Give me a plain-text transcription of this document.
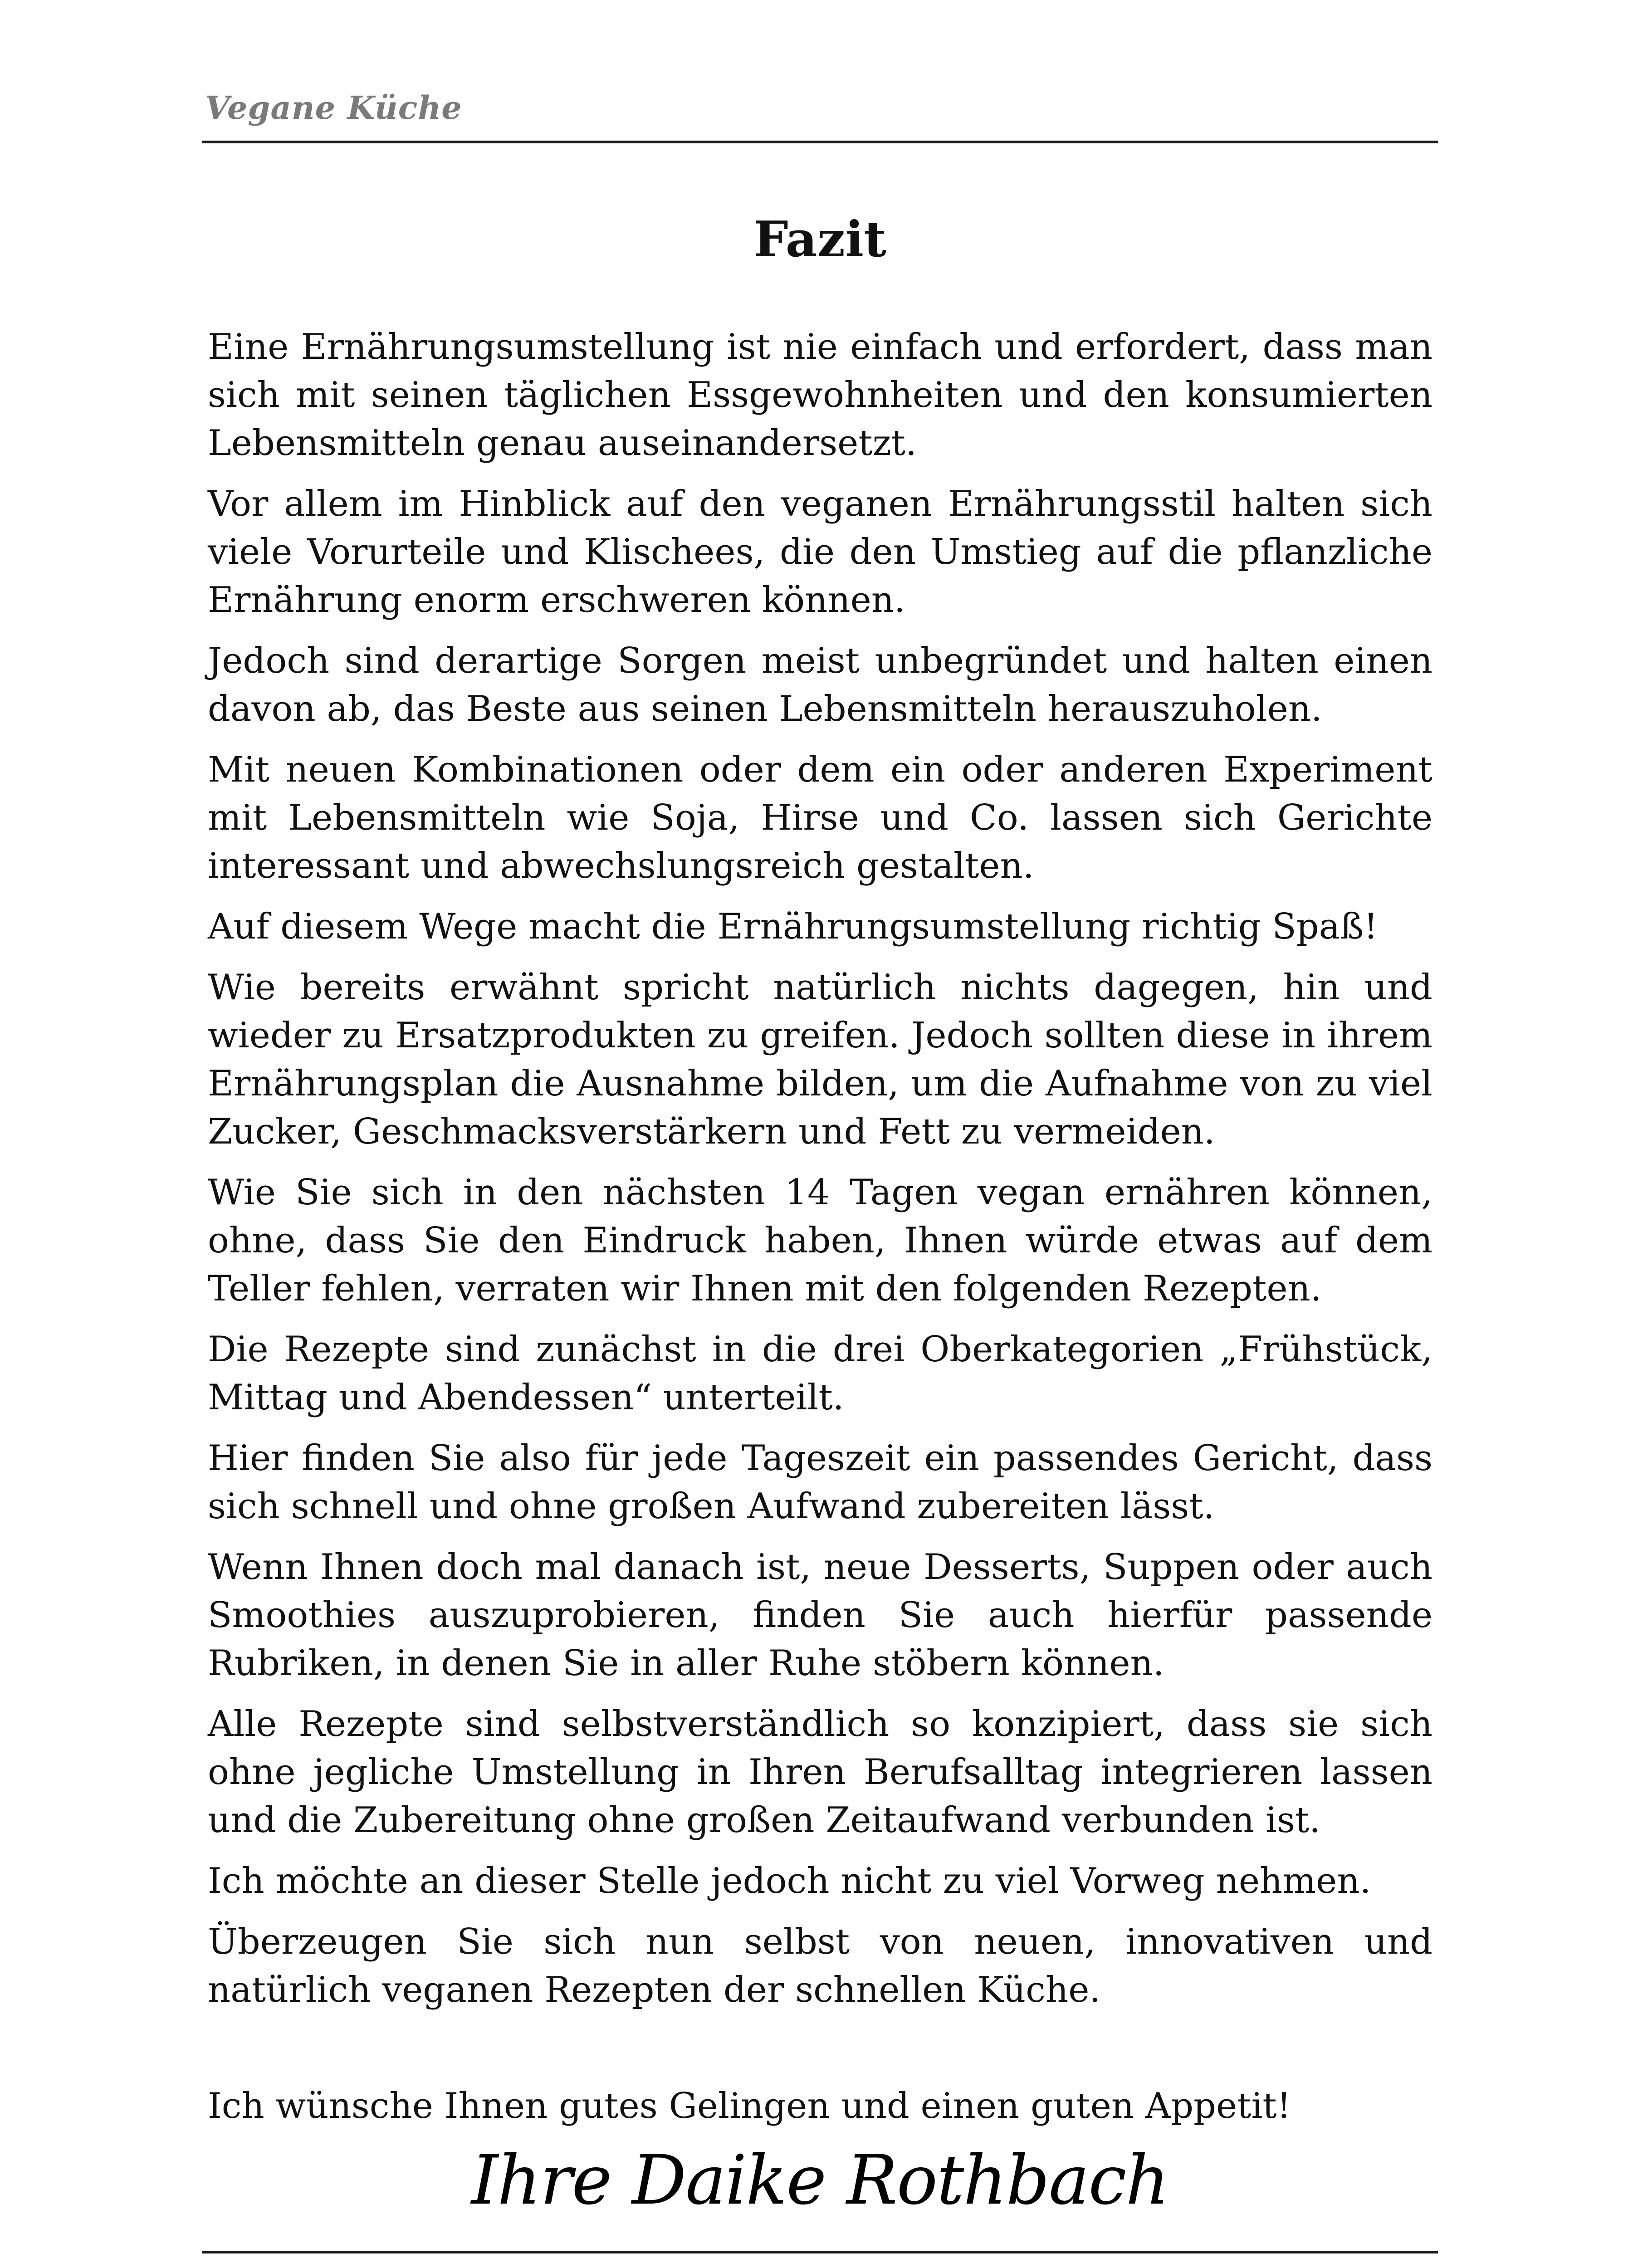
Vegane Küche
Fazit

Eine Ernährungsumstellung ist nie einfach und erfordert, dass man sich mit seinen täglichen Essgewohnheiten und den konsumierten Lebensmitteln genau auseinandersetzt.

Vor allem im Hinblick auf den veganen Ernährungsstil halten sich viele Vorurteile und Klischees, die den Umstieg auf die pflanzliche Ernährung enorm erschweren können.

Jedoch sind derartige Sorgen meist unbegründet und halten einen davon ab, das Beste aus seinen Lebensmitteln herauszuholen.

Mit neuen Kombinationen oder dem ein oder anderen Experiment mit Lebensmitteln wie Soja, Hirse und Co. lassen sich Gerichte interessant und abwechslungsreich gestalten.

Auf diesem Wege macht die Ernährungsumstellung richtig Spaß!

Wie bereits erwähnt spricht natürlich nichts dagegen, hin und wieder zu Ersatzprodukten zu greifen. Jedoch sollten diese in ihrem Ernährungsplan die Ausnahme bilden, um die Aufnahme von zu viel Zucker, Geschmacksverstärkern und Fett zu vermeiden.

Wie Sie sich in den nächsten 14 Tagen vegan ernähren können, ohne, dass Sie den Eindruck haben, Ihnen würde etwas auf dem Teller fehlen, verraten wir Ihnen mit den folgenden Rezepten.

Die Rezepte sind zunächst in die drei Oberkategorien „Frühstück, Mittag und Abendessen“ unterteilt.

Hier finden Sie also für jede Tageszeit ein passendes Gericht, dass sich schnell und ohne großen Aufwand zubereiten lässt.

Wenn Ihnen doch mal danach ist, neue Desserts, Suppen oder auch Smoothies auszuprobieren, finden Sie auch hierfür passende Rubriken, in denen Sie in aller Ruhe stöbern können.

Alle Rezepte sind selbstverständlich so konzipiert, dass sie sich ohne jegliche Umstellung in Ihren Berufsalltag integrieren lassen und die Zubereitung ohne großen Zeitaufwand verbunden ist.

Ich möchte an dieser Stelle jedoch nicht zu viel Vorweg nehmen.

Überzeugen Sie sich nun selbst von neuen, innovativen und natürlich veganen Rezepten der schnellen Küche.

Ich wünsche Ihnen gutes Gelingen und einen guten Appetit!

Ihre Daike Rothbach
